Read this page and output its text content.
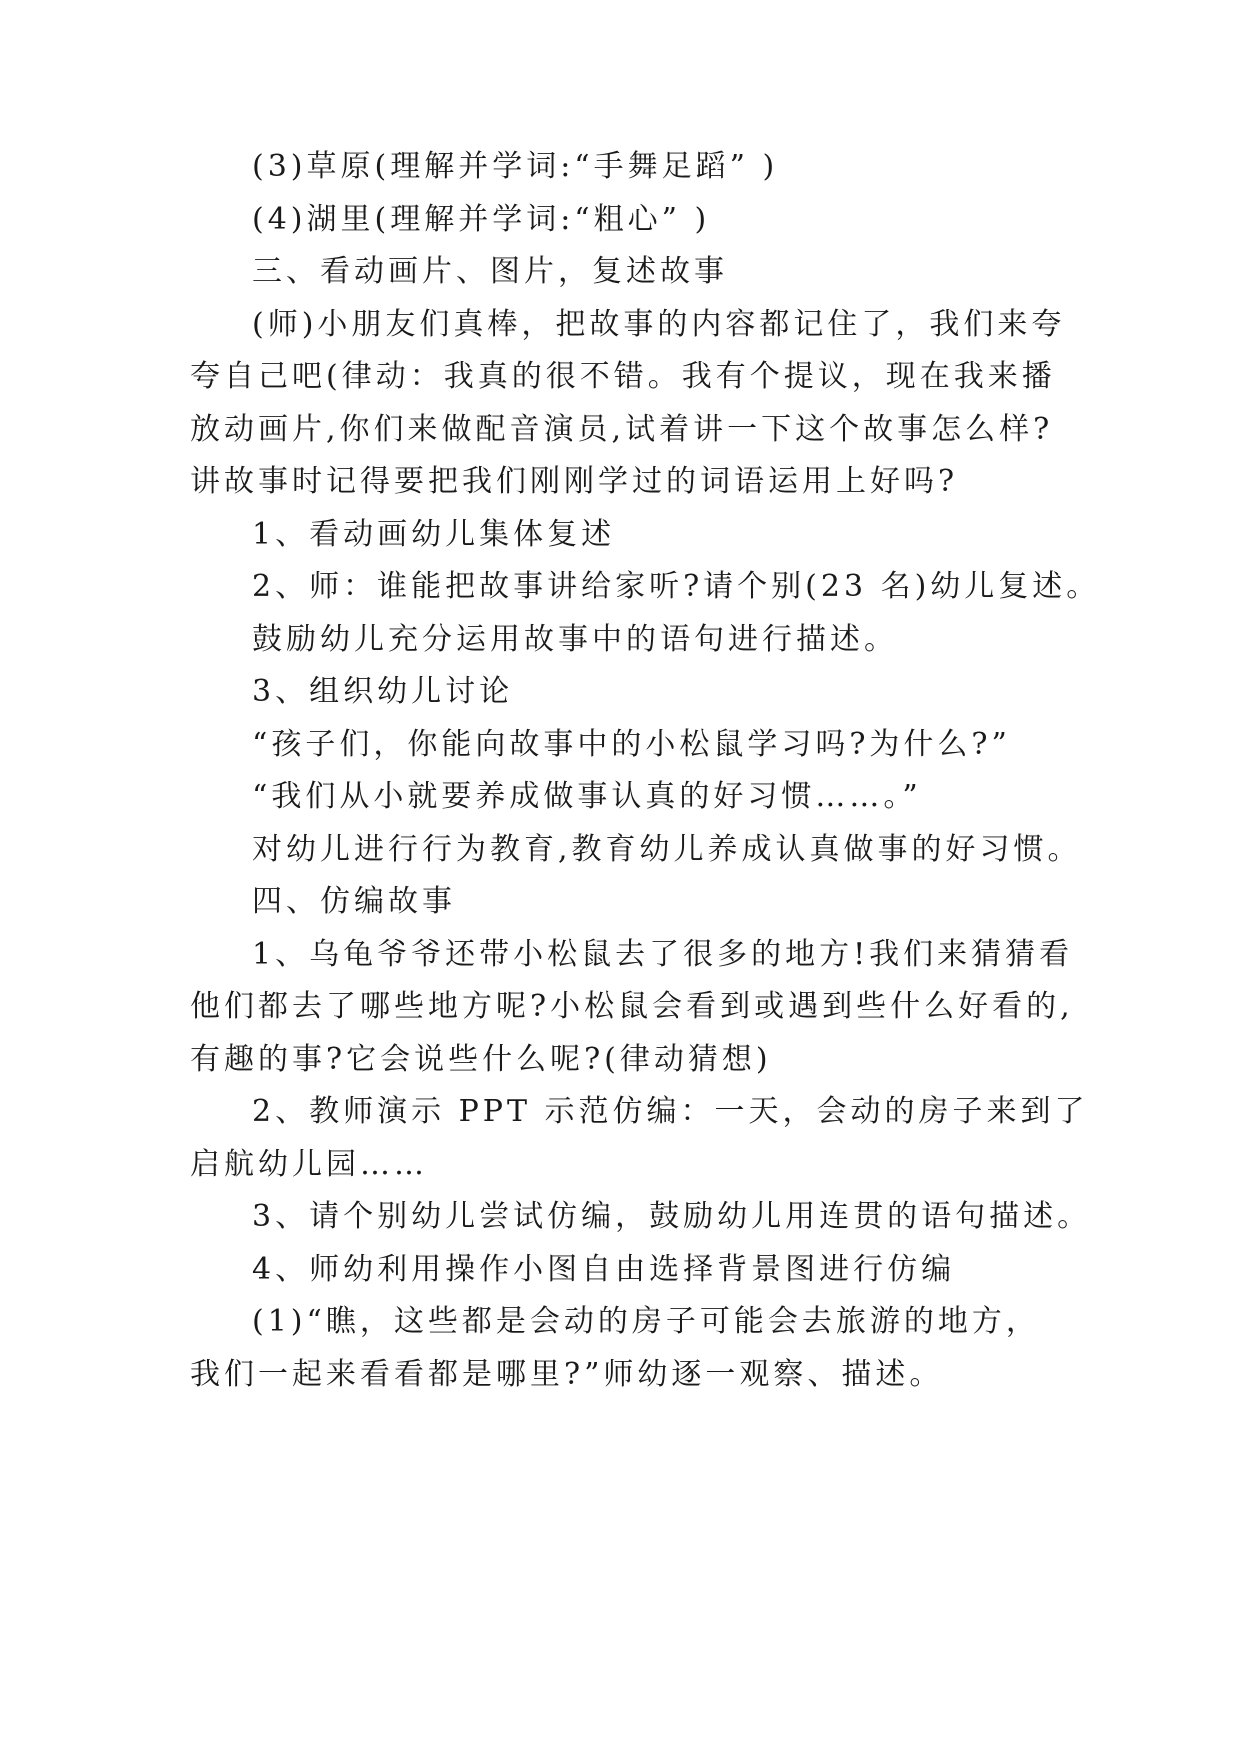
(3)草原(理解并学词:“手舞足蹈” )
(4)湖里(理解并学词:“粗心” )
三、看动画片、图片，复述故事
(师)小朋友们真棒，把故事的内容都记住了，我们来夸
夸自己吧(律动：我真的很不错。我有个提议，现在我来播
放动画片,你们来做配音演员,试着讲一下这个故事怎么样?
讲故事时记得要把我们刚刚学过的词语运用上好吗?
1、看动画幼儿集体复述
2、师：谁能把故事讲给家听?请个别(23 名)幼儿复述。
鼓励幼儿充分运用故事中的语句进行描述。
3、组织幼儿讨论
“孩子们，你能向故事中的小松鼠学习吗?为什么?”
“我们从小就要养成做事认真的好习惯……。”
对幼儿进行行为教育,教育幼儿养成认真做事的好习惯。
四、仿编故事
1、乌龟爷爷还带小松鼠去了很多的地方!我们来猜猜看
他们都去了哪些地方呢?小松鼠会看到或遇到些什么好看的,
有趣的事?它会说些什么呢?(律动猜想)
2、教师演示 PPT 示范仿编：一天，会动的房子来到了
启航幼儿园……
3、请个别幼儿尝试仿编，鼓励幼儿用连贯的语句描述。
4、师幼利用操作小图自由选择背景图进行仿编
(1)“瞧，这些都是会动的房子可能会去旅游的地方，
我们一起来看看都是哪里?”师幼逐一观察、描述。
